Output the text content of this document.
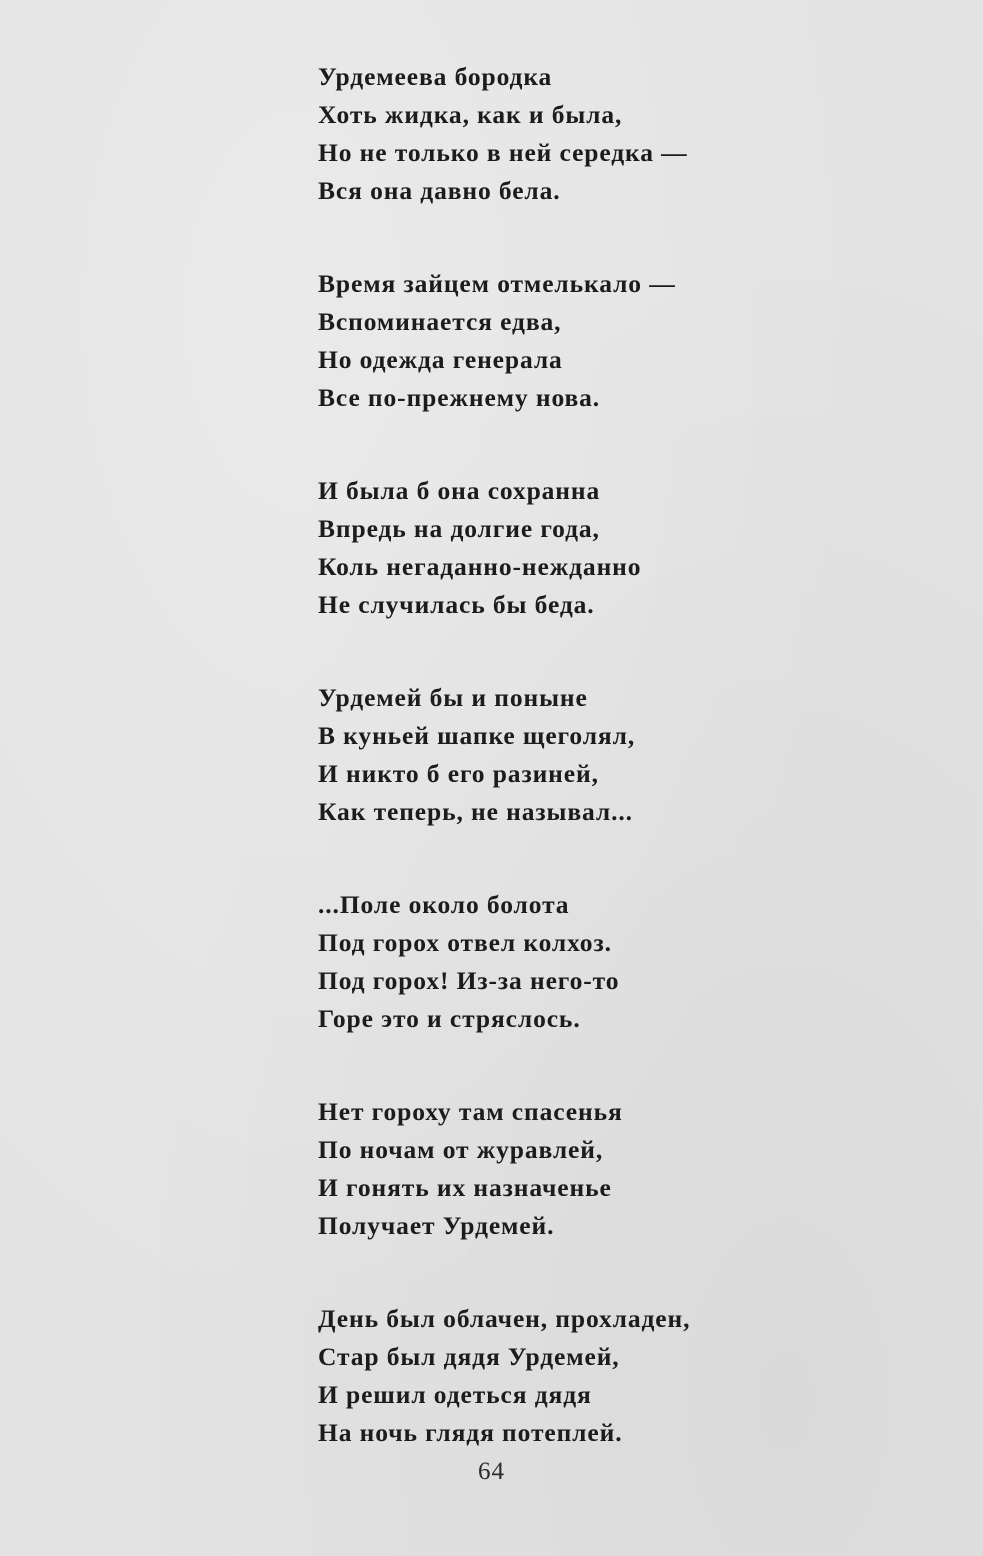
Урдемеева бородка
Хоть жидка, как и была,
Но не только в ней середка —
Вся она давно бела.
Время зайцем отмелькало —
Вспоминается едва,
Но одежда генерала
Все по-прежнему нова.
И была б она сохранна
Впредь на долгие года,
Коль негаданно-нежданно
Не случилась бы беда.
Урдемей бы и поныне
В куньей шапке щеголял,
И никто б его разиней,
Как теперь, не называл...
...Поле около болота
Под горох отвел колхоз.
Под горох! Из-за него-то
Горе это и стряслось.
Нет гороху там спасенья
По ночам от журавлей,
И гонять их назначенье
Получает Урдемей.
День был облачен, прохладен,
Стар был дядя Урдемей,
И решил одеться дядя
На ночь глядя потеплей.
64
